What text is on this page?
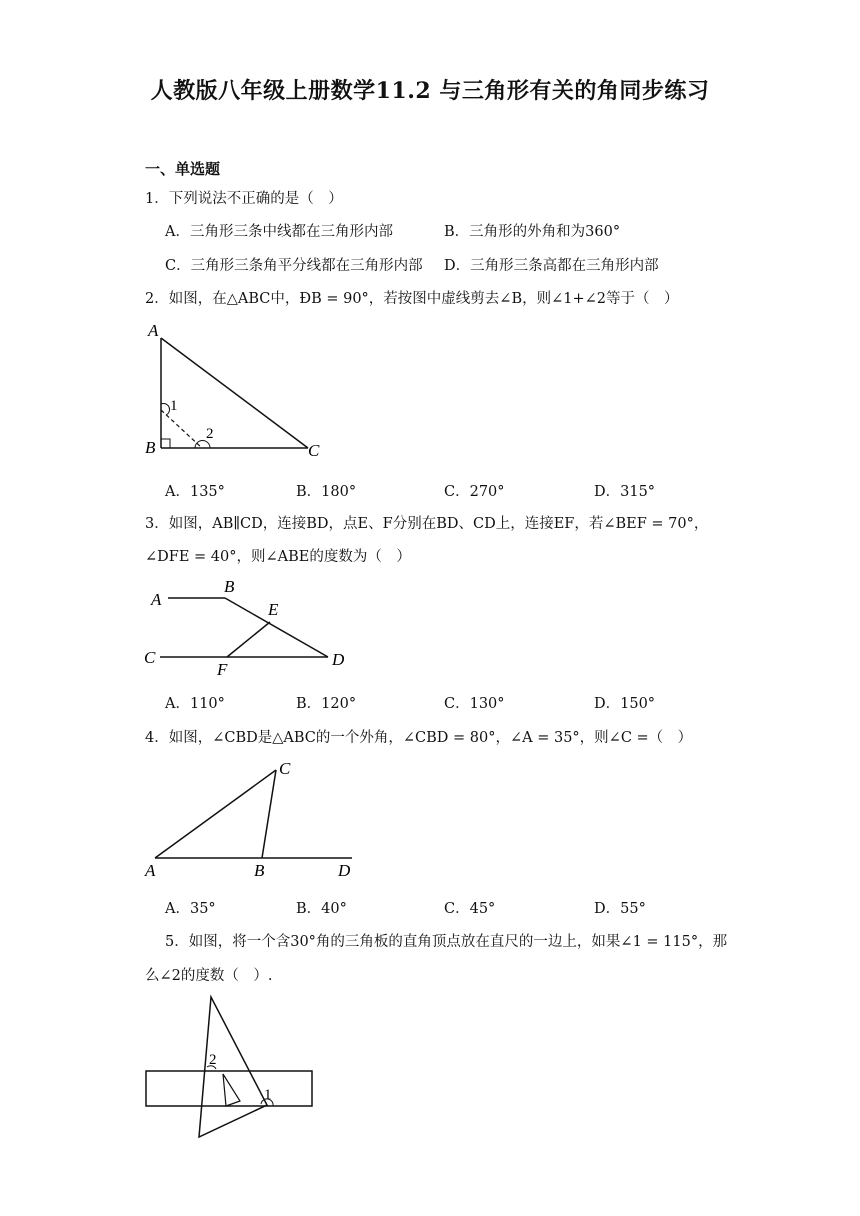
人教版八年级上册数学11.2 与三角形有关的角同步练习
一、单选题
1．下列说法不正确的是（　）
A．三角形三条中线都在三角形内部	B．三角形的外角和为360°
C．三角形三条角平分线都在三角形内部 D．三角形三条高都在三角形内部
2．如图，在△ABC中，ÐB = 90°，若按图中虚线剪去∠B，则∠1+∠2等于（　）
A
B	C
1
2
A．135°	B．180°	C．270°	D．315°
3．如图，AB∥CD，连接BD，点E、F分别在BD、CD上，连接EF，若∠BEF = 70°，
∠DFE = 40°，则∠ABE的度数为（　）
A
B
E
C
F
D
A．110°	B．120°	C．130°	D．150°
4．如图，∠CBD是△ABC的一个外角，∠CBD = 80°，∠A = 35°，则∠C =（　）
C
A	B	D
A．35°	B．40°	C．45°	D．55°
5．如图，将一个含30°角的三角板的直角顶点放在直尺的一边上，如果∠1 = 115°，那
么∠2的度数（　）.
2
1
